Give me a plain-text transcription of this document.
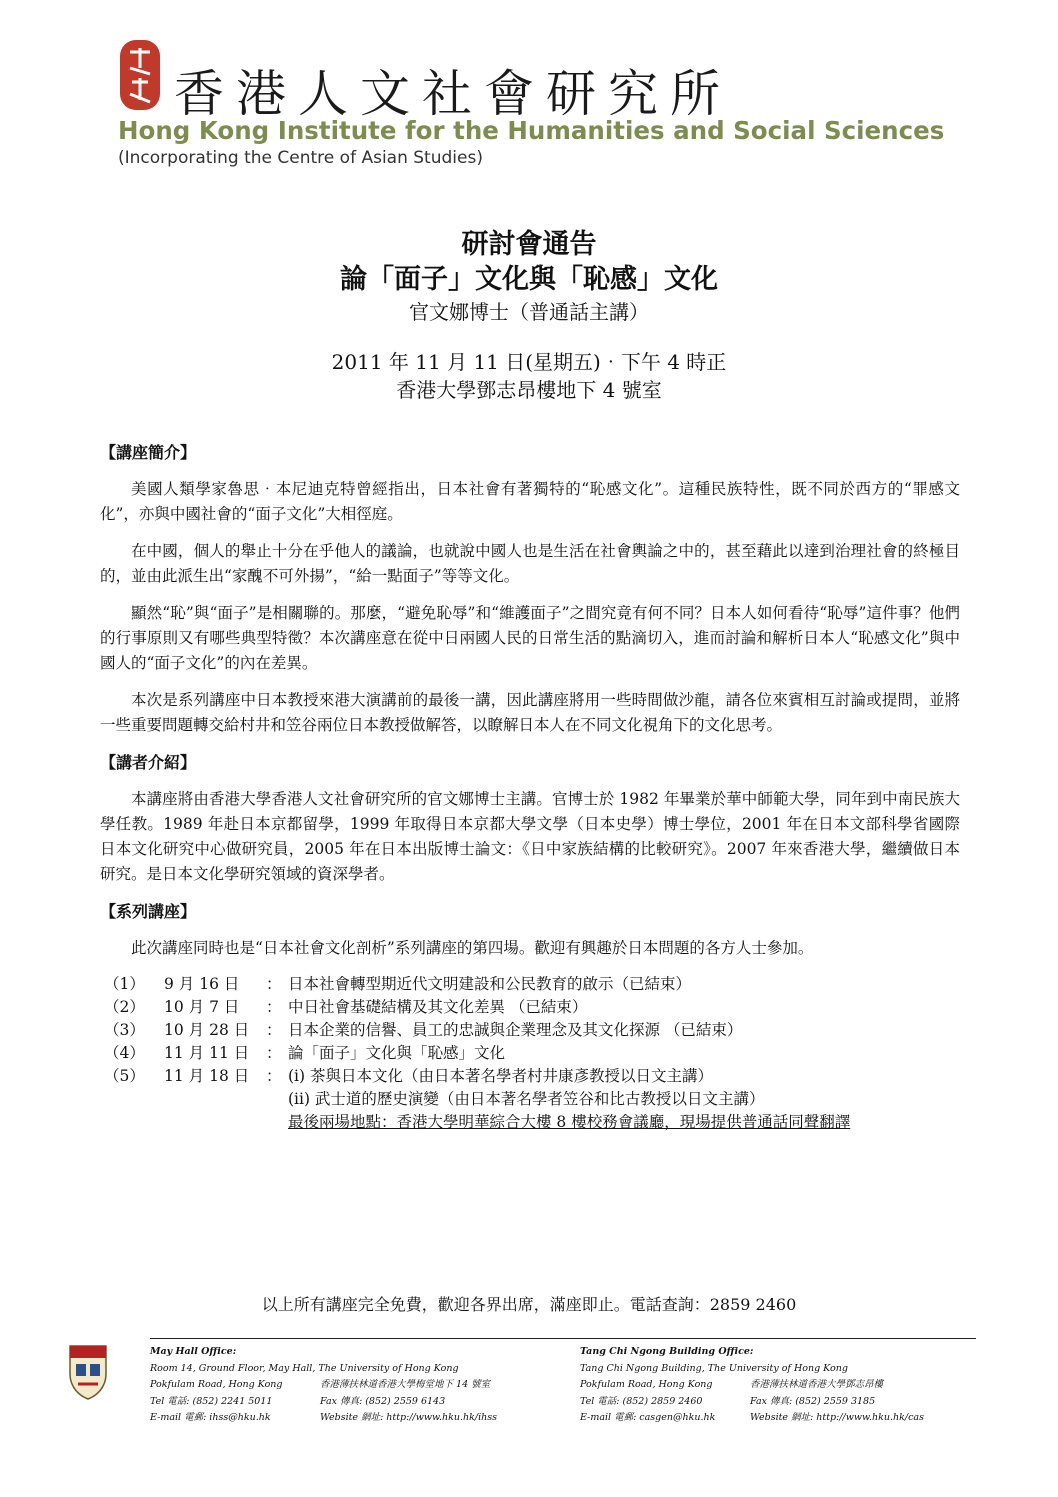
香港人文社會研究所
Hong Kong Institute for the Humanities and Social Sciences
(Incorporating the Centre of Asian Studies)
研討會通告
論「面子」文化與「恥感」文化
官文娜博士（普通話主講）
2011 年 11 月 11 日(星期五)‧下午 4 時正
香港大學鄧志昂樓地下 4 號室
【講座簡介】

美國人類學家魯思‧本尼迪克特曾經指出，日本社會有著獨特的“恥感文化”。這種民族特性，既不同於西方的“罪感文化”，亦與中國社會的“面子文化”大相徑庭。

在中國，個人的舉止十分在乎他人的議論，也就說中國人也是生活在社會輿論之中的，甚至藉此以達到治理社會的終極目的，並由此派生出“家醜不可外揚”，“給一點面子”等等文化。

顯然“恥”與“面子”是相關聯的。那麼，“避免恥辱”和“維護面子”之間究竟有何不同？日本人如何看待“恥辱”這件事？他們的行事原則又有哪些典型特徵？本次講座意在從中日兩國人民的日常生活的點滴切入，進而討論和解析日本人“恥感文化”與中國人的“面子文化”的內在差異。

本次是系列講座中日本教授來港大演講前的最後一講，因此講座將用一些時間做沙龍，請各位來賓相互討論或提問，並將一些重要問題轉交給村井和笠谷兩位日本教授做解答，以瞭解日本人在不同文化視角下的文化思考。

【講者介紹】

本講座將由香港大學香港人文社會研究所的官文娜博士主講。官博士於 1982 年畢業於華中師範大學，同年到中南民族大學任教。1989 年赴日本京都留學，1999 年取得日本京都大學文學（日本史學）博士學位，2001 年在日本文部科學省國際日本文化研究中心做研究員，2005 年在日本出版博士論文：《日中家族結構的比較研究》。2007 年來香港大學，繼續做日本研究。是日本文化學研究領域的資深學者。

【系列講座】

此次講座同時也是“日本社會文化剖析”系列講座的第四場。歡迎有興趣於日本問題的各方人士參加。

（1）	9 月 16 日	：	日本社會轉型期近代文明建設和公民教育的啟示（已結束）
（2）	10 月 7 日	：	中日社會基礎結構及其文化差異 （已結束）
（3）	10 月 28 日	：	日本企業的信譽、員工的忠誠與企業理念及其文化探源 （已結束）
（4）	11 月 11 日	：	論「面子」文化與「恥感」文化
（5）	11 月 18 日	：	(i) 茶與日本文化（由日本著名學者村井康彥教授以日文主講）
(ii) 武士道的歷史演變（由日本著名學者笠谷和比古教授以日文主講）
最後兩場地點：香港大學明華綜合大樓 8 樓校務會議廳，現場提供普通話同聲翻譯
以上所有講座完全免費，歡迎各界出席，滿座即止。電話查詢：2859 2460
May Hall Office:
Room 14, Ground Floor, May Hall, The University of Hong Kong
Pokfulam Road, Hong Kong	香港薄扶林道香港大學梅堂地下 14 號室
Tel 電話: (852) 2241 5011	Fax 傳真: (852) 2559 6143
E-mail 電郵: ihss@hku.hk	Website 網址: http://www.hku.hk/ihss
Tang Chi Ngong Building Office:
Tang Chi Ngong Building, The University of Hong Kong
Pokfulam Road, Hong Kong	香港薄扶林道香港大學鄧志昂樓
Tel 電話: (852) 2859 2460	Fax 傳真: (852) 2559 3185
E-mail 電郵: casgen@hku.hk	Website 網址: http://www.hku.hk/cas
